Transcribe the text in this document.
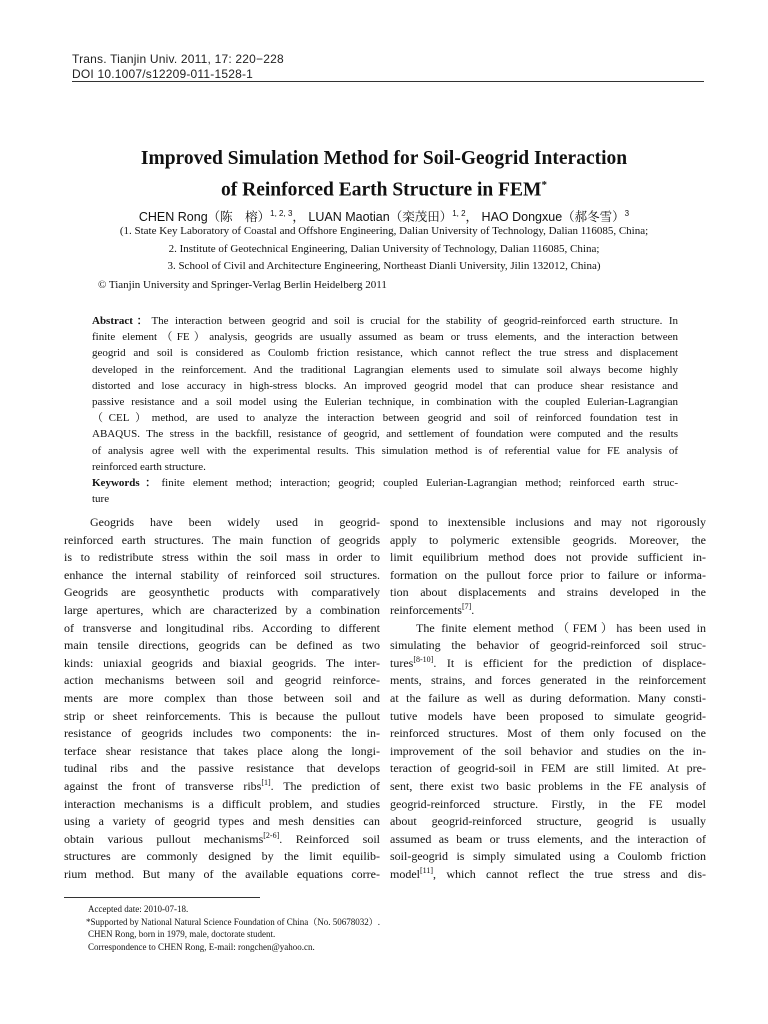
Trans. Tianjin Univ. 2011, 17: 220−228
DOI 10.1007/s12209-011-1528-1
Improved Simulation Method for Soil-Geogrid Interaction
of Reinforced Earth Structure in FEM*
CHEN Rong（陈　榕）$^{1, 2, 3}$， LUAN Maotian（栾茂田）$^{1, 2}$， HAO Dongxue（郝冬雪）$^3$
(1. State Key Laboratory of Coastal and Offshore Engineering, Dalian University of Technology, Dalian 116085, China;
2. Institute of Geotechnical Engineering, Dalian University of Technology, Dalian 116085, China;
3. School of Civil and Architecture Engineering, Northeast Dianli University, Jilin 132012, China)
© Tianjin University and Springer-Verlag Berlin Heidelberg 2011
Abstract：The interaction between geogrid and soil is crucial for the stability of geogrid-reinforced earth structure. In
finite element（FE）analysis, geogrids are usually assumed as beam or truss elements, and the interaction between
geogrid and soil is considered as Coulomb friction resistance, which cannot reflect the true stress and displacement
developed in the reinforcement. And the traditional Lagrangian elements used to simulate soil always become highly
distorted and lose accuracy in high-stress blocks. An improved geogrid model that can produce shear resistance and
passive resistance and a soil model using the Eulerian technique, in combination with the coupled Eulerian-Lagrangian
（CEL）method, are used to analyze the interaction between geogrid and soil of reinforced foundation test in
ABAQUS. The stress in the backfill, resistance of geogrid, and settlement of foundation were computed and the results
of analysis agree well with the experimental results. This simulation method is of referential value for FE analysis of
reinforced earth structure.
Keywords：finite element method; interaction; geogrid; coupled Eulerian-Lagrangian method; reinforced earth struc-
ture
Geogrids have been widely used in geogrid-
reinforced earth structures. The main function of geogrids
is to redistribute stress within the soil mass in order to
enhance the internal stability of reinforced soil structures.
Geogrids are geosynthetic products with comparatively
large apertures, which are characterized by a combination
of transverse and longitudinal ribs. According to different
main tensile directions, geogrids can be defined as two
kinds: uniaxial geogrids and biaxial geogrids. The inter-
action mechanisms between soil and geogrid reinforce-
ments are more complex than those between soil and
strip or sheet reinforcements. This is because the pullout
resistance of geogrids includes two components: the in-
terface shear resistance that takes place along the longi-
tudinal ribs and the passive resistance that develops
against the front of transverse ribs[1]. The prediction of
interaction mechanisms is a difficult problem, and studies
using a variety of geogrid types and mesh densities can
obtain various pullout mechanisms[2-6]. Reinforced soil
structures are commonly designed by the limit equilib-
rium method. But many of the available equations corre-
spond to inextensible inclusions and may not rigorously
apply to polymeric extensible geogrids. Moreover, the
limit equilibrium method does not provide sufficient in-
formation on the pullout force prior to failure or informa-
tion about displacements and strains developed in the
reinforcements[7].
The finite element method（FEM）has been used in
simulating the behavior of geogrid-reinforced soil struc-
tures[8-10]. It is efficient for the prediction of displace-
ments, strains, and forces generated in the reinforcement
at the failure as well as during deformation. Many consti-
tutive models have been proposed to simulate geogrid-
reinforced structures. Most of them only focused on the
improvement of the soil behavior and studies on the in-
teraction of geogrid-soil in FEM are still limited. At pre-
sent, there exist two basic problems in the FE analysis of
geogrid-reinforced structure. Firstly, in the FE model
about geogrid-reinforced structure, geogrid is usually
assumed as beam or truss elements, and the interaction of
soil-geogrid is simply simulated using a Coulomb friction
model[11], which cannot reflect the true stress and dis-
Accepted date: 2010-07-18.
*Supported by National Natural Science Foundation of China（No. 50678032）.
CHEN Rong, born in 1979, male, doctorate student.
Correspondence to CHEN Rong, E-mail: rongchen@yahoo.cn.
